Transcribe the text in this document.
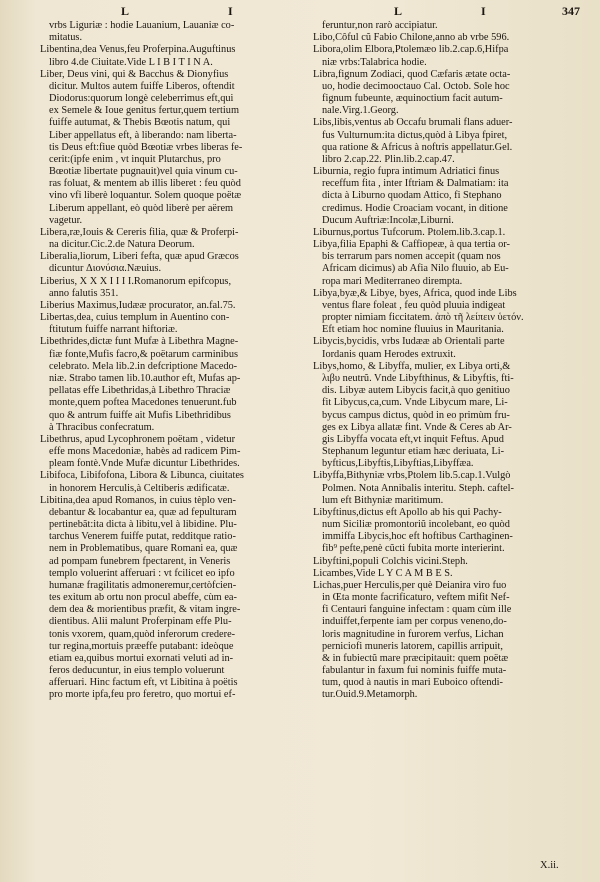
L	I	L	I	347
vrbs Liguriæ : hodie Lauanium, Lauaniæ co-
mitatus.
Libentina,dea Venus,feu Proferpina.Auguftinus
libro 4.de Ciuitate.Vide L I B I T I N A.
Liber, Deus vini, qui & Bacchus & Dionyfius
dicitur. Multos autem fuiffe Liberos, oftendit
Diodorus:quorum longè celeberrimus eft,qui
ex Semele & Ioue genitus fertur,quem tertium
fuiffe autumat, & Thebis Bœotis natum, qui
Liber appellatus eft, à liberando: nam liberta-
tis Deus eft:fiue quòd Bœotiæ vrbes liberas fe-
cerit:(ipfe enim , vt inquit Plutarchus, pro
Bœotiæ libertate pugnauit)vel quia vinum cu-
ras foluat, & mentem ab illis liberet : feu quòd
vino vfi liberè loquantur. Solem quoque poëtæ
Liberum appellant, eò quòd liberè per aërem
vagetur.
Libera,ræ,Iouis & Cereris filia, quæ & Proferpi-
na dicitur.Cic.2.de Natura Deorum.
Liberalia,liorum, Liberi fefta, quæ apud Græcos
dicuntur Διονύσια.Næuius.
Liberius, X X X I I I I.Romanorum epifcopus,
anno falutis 351.
Liberius Maximus,Iudææ procurator, an.fal.75.
Libertas,dea, cuius templum in Auentino con-
ftitutum fuiffe narrant hiftoriæ.
Libethrides,dictæ funt Mufæ à Libethra Magne-
fiæ fonte,Mufis facro,& poëtarum carminibus
celebrato. Mela lib.2.in defcriptione Macedo-
niæ. Strabo tamen lib.10.author eft, Mufas ap-
pellatas effe Libethridas,à Libethro Thraciæ
monte,quem poftea Macedones tenuerunt.fub
quo & antrum fuiffe ait Mufis Libethridibus
à Thracibus confecratum.
Libethrus, apud Lycophronem poëtam , videtur
effe mons Macedoniæ, habès ad radicem Pim-
pleam fontè.Vnde Mufæ dicuntur Libethrides.
Libifoca, Libifofona, Libora & Libunca, ciuitates
in honorem Herculis,à Celtiberis ædificatæ.
Libitina,dea apud Romanos, in cuius tèplo ven-
debantur & locabantur ea, quæ ad fepulturam
pertinebãt:ita dicta à libitu,vel à libidine. Plu-
tarchus Venerem fuiffe putat, redditque ratio-
nem in Problematibus, quare Romani ea, quæ
ad pompam funebrem fpectarent, in Veneris
templo voluerint afferuari : vt fcilicet eo ipfo
humanæ fragilitatis admoneremur,certòfcien-
tes exitum ab ortu non procul abeffe, cùm ea-
dem dea & morientibus præfit, & vitam ingre-
dientibus. Alii malunt Proferpinam effe Plu-
tonis vxorem, quam,quòd inferorum credere-
tur regina,mortuis præeffe putabant: ideòque
etiam ea,quibus mortui exornati veluti ad in-
feros deducuntur, in eius templo voluerunt
afferuari. Hinc factum eft, vt Libitina à poëtis
pro morte ipfa,feu pro feretro, quo mortui ef-
feruntur,non rarò accipiatur.
Libo,Côful cũ Fabio Chilone,anno ab vrbe 596.
Libora,olim Elbora,Ptolemæo lib.2.cap.6,Hifpa
niæ vrbs:Talabrica hodie.
Libra,fignum Zodiaci, quod Cæfaris ætate octa-
uo, hodie decimooctauo Cal. Octob. Sole hoc
fignum fubeunte, æquinoctium facit autum-
nale.Virg.1.Georg.
Libs,libis,ventus ab Occafu brumali flans aduer-
fus Vulturnum:ita dictus,quòd à Libya fpiret,
qua ratione & Africus à noftris appellatur.Gel.
libro 2.cap.22. Plin.lib.2.cap.47.
Liburnia, regio fupra intimum Adriatici finus
receffum fita , inter Iftriam & Dalmatiam: ita
dicta à Liburno quodam Attico, fi Stephano
credimus. Hodie Croaciam vocant, in ditione
Ducum Auftriæ:Incolæ,Liburni.
Liburnus,portus Tufcorum. Ptolem.lib.3.cap.1.
Libya,filia Epaphi & Caffiopeæ, à qua tertia or-
bis terrarum pars nomen accepit (quam nos
Africam dicimus) ab Afia Nilo fluuio, ab Eu-
ropa mari Mediterraneo dirempta.
Libya,byæ,& Libye, byes, Africa, quod inde Libs
ventus flare foleat , feu quòd pluuia indigeat
propter nimiam ficcitatem. ἀπὸ τῆ λείπειν ὑετόν.
Eft etiam hoc nomine fluuius in Mauritania.
Libycis,bycidis, vrbs Iudææ ab Orientali parte
Iordanis quam Herodes extruxit.
Libys,homo, & Libyffa, mulier, ex Libya orti,&
λιβυ neutrũ. Vnde Libyfthinus, & Libyftis, fti-
dis. Libyæ autem Libycis facit,à quo genitiuo
fit Libycus,ca,cum. Vnde Libycum mare, Li-
bycus campus dictus, quòd in eo primùm fru-
ges ex Libya allatæ fint. Vnde & Ceres ab Ar-
gis Libyffa vocata eft,vt inquit Feftus. Apud
Stephanum leguntur etiam hæc deriuata, Li-
byfticus,Libyftis,Libyftias,Libyffæa.
Libyffa,Bithyniæ vrbs,Ptolem lib.5.cap.1.Vulgò
Polmen. Nota Annibalis interitu. Steph. caftel-
lum eft Bithyniæ maritimum.
Libyftinus,dictus eft Apollo ab his qui Pachy-
num Siciliæ promontoriũ incolebant, eo quòd
immiffa Libycis,hoc eft hoftibus Carthaginen-
fib⁹ pefte,penè cũcti fubita morte interierint.
Libyftini,populi Colchis vicini.Steph.
Licambes,Vide L Y C A M B E S.
Lichas,puer Herculis,per què Deianira viro fuo
in Œta monte facrificaturo, veftem mifit Nef-
fi Centauri fanguine infectam : quam cùm ille
induiffet,ferpente iam per corpus veneno,do-
loris magnitudine in furorem verfus, Lichan
perniciofi muneris latorem, capillis arripuit,
& in fubiectũ mare præcipitauit: quem poëtæ
fabulantur in faxum fui nominis fuiffe muta-
tum, quod à nautis in mari Euboico oftendi-
tur.Ouid.9.Metamorph.
X.ii.
